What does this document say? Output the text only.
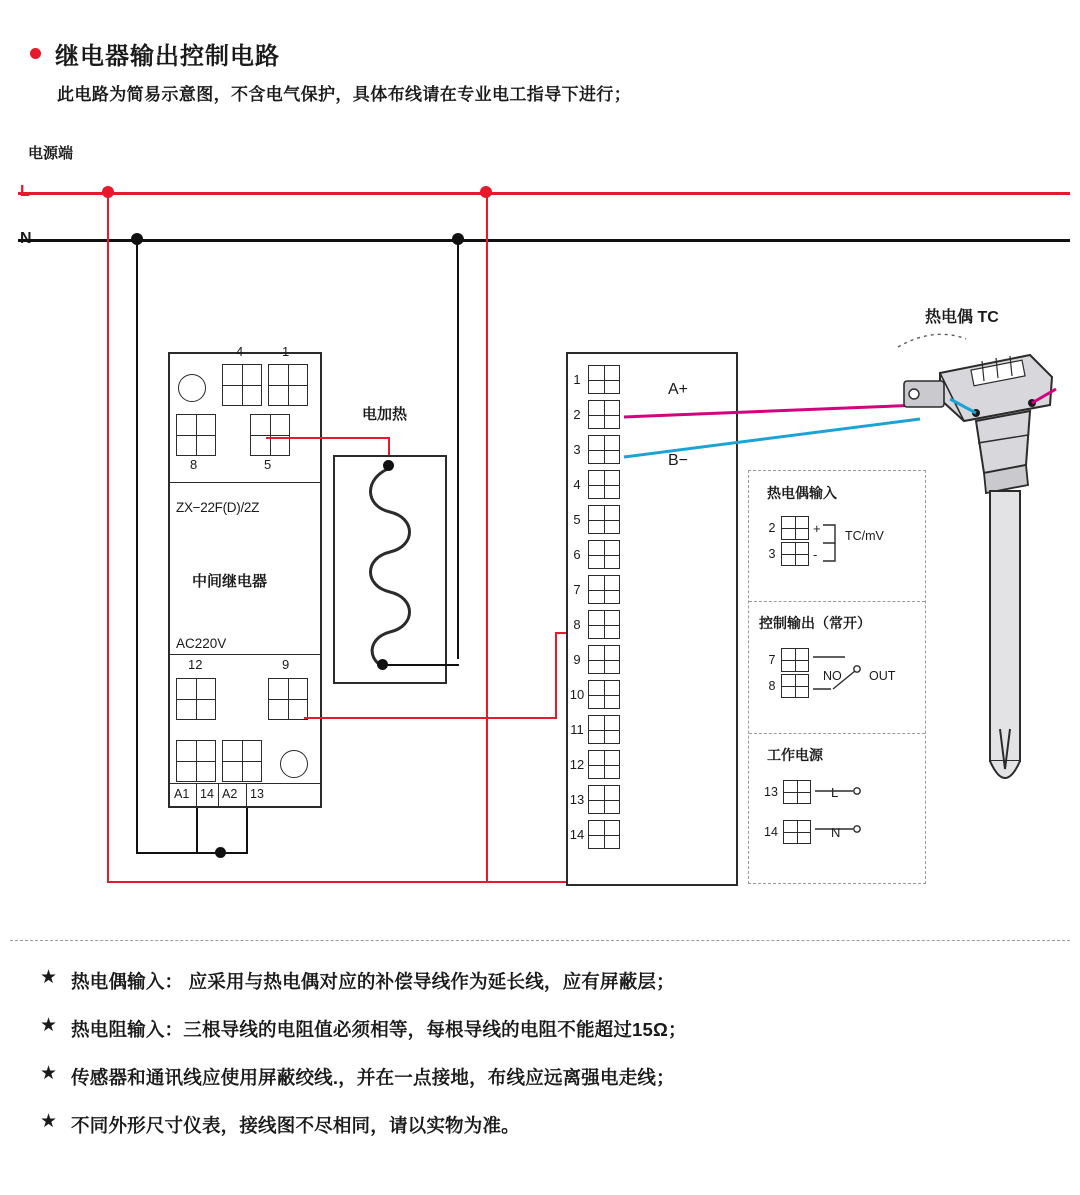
继电器输出控制电路
此电路为简易示意图，不含电气保护，具体布线请在专业电工指导下进行；
电源端
L
N
4	1
8	5
12	9
A1 14 A2 13
ZX−22F(D)/2Z
中间继电器
AC220V
电加热
1
2
3
4
5
6
7
8
9
10
11
12
13
14
A+
B−
热电偶输入
2	+
3	-
TC/mV
控制输出（常开）
7
8
NO OUT
工作电源
13	L
14	N
热电偶 TC
★ 热电偶输入： 应采用与热电偶对应的补偿导线作为延长线，应有屏蔽层；
★ 热电阻输入：三根导线的电阻值必须相等，每根导线的电阻不能超过15Ω；
★ 传感器和通讯线应使用屏蔽绞线.，并在一点接地，布线应远离强电走线；
★ 不同外形尺寸仪表，接线图不尽相同，请以实物为准。
